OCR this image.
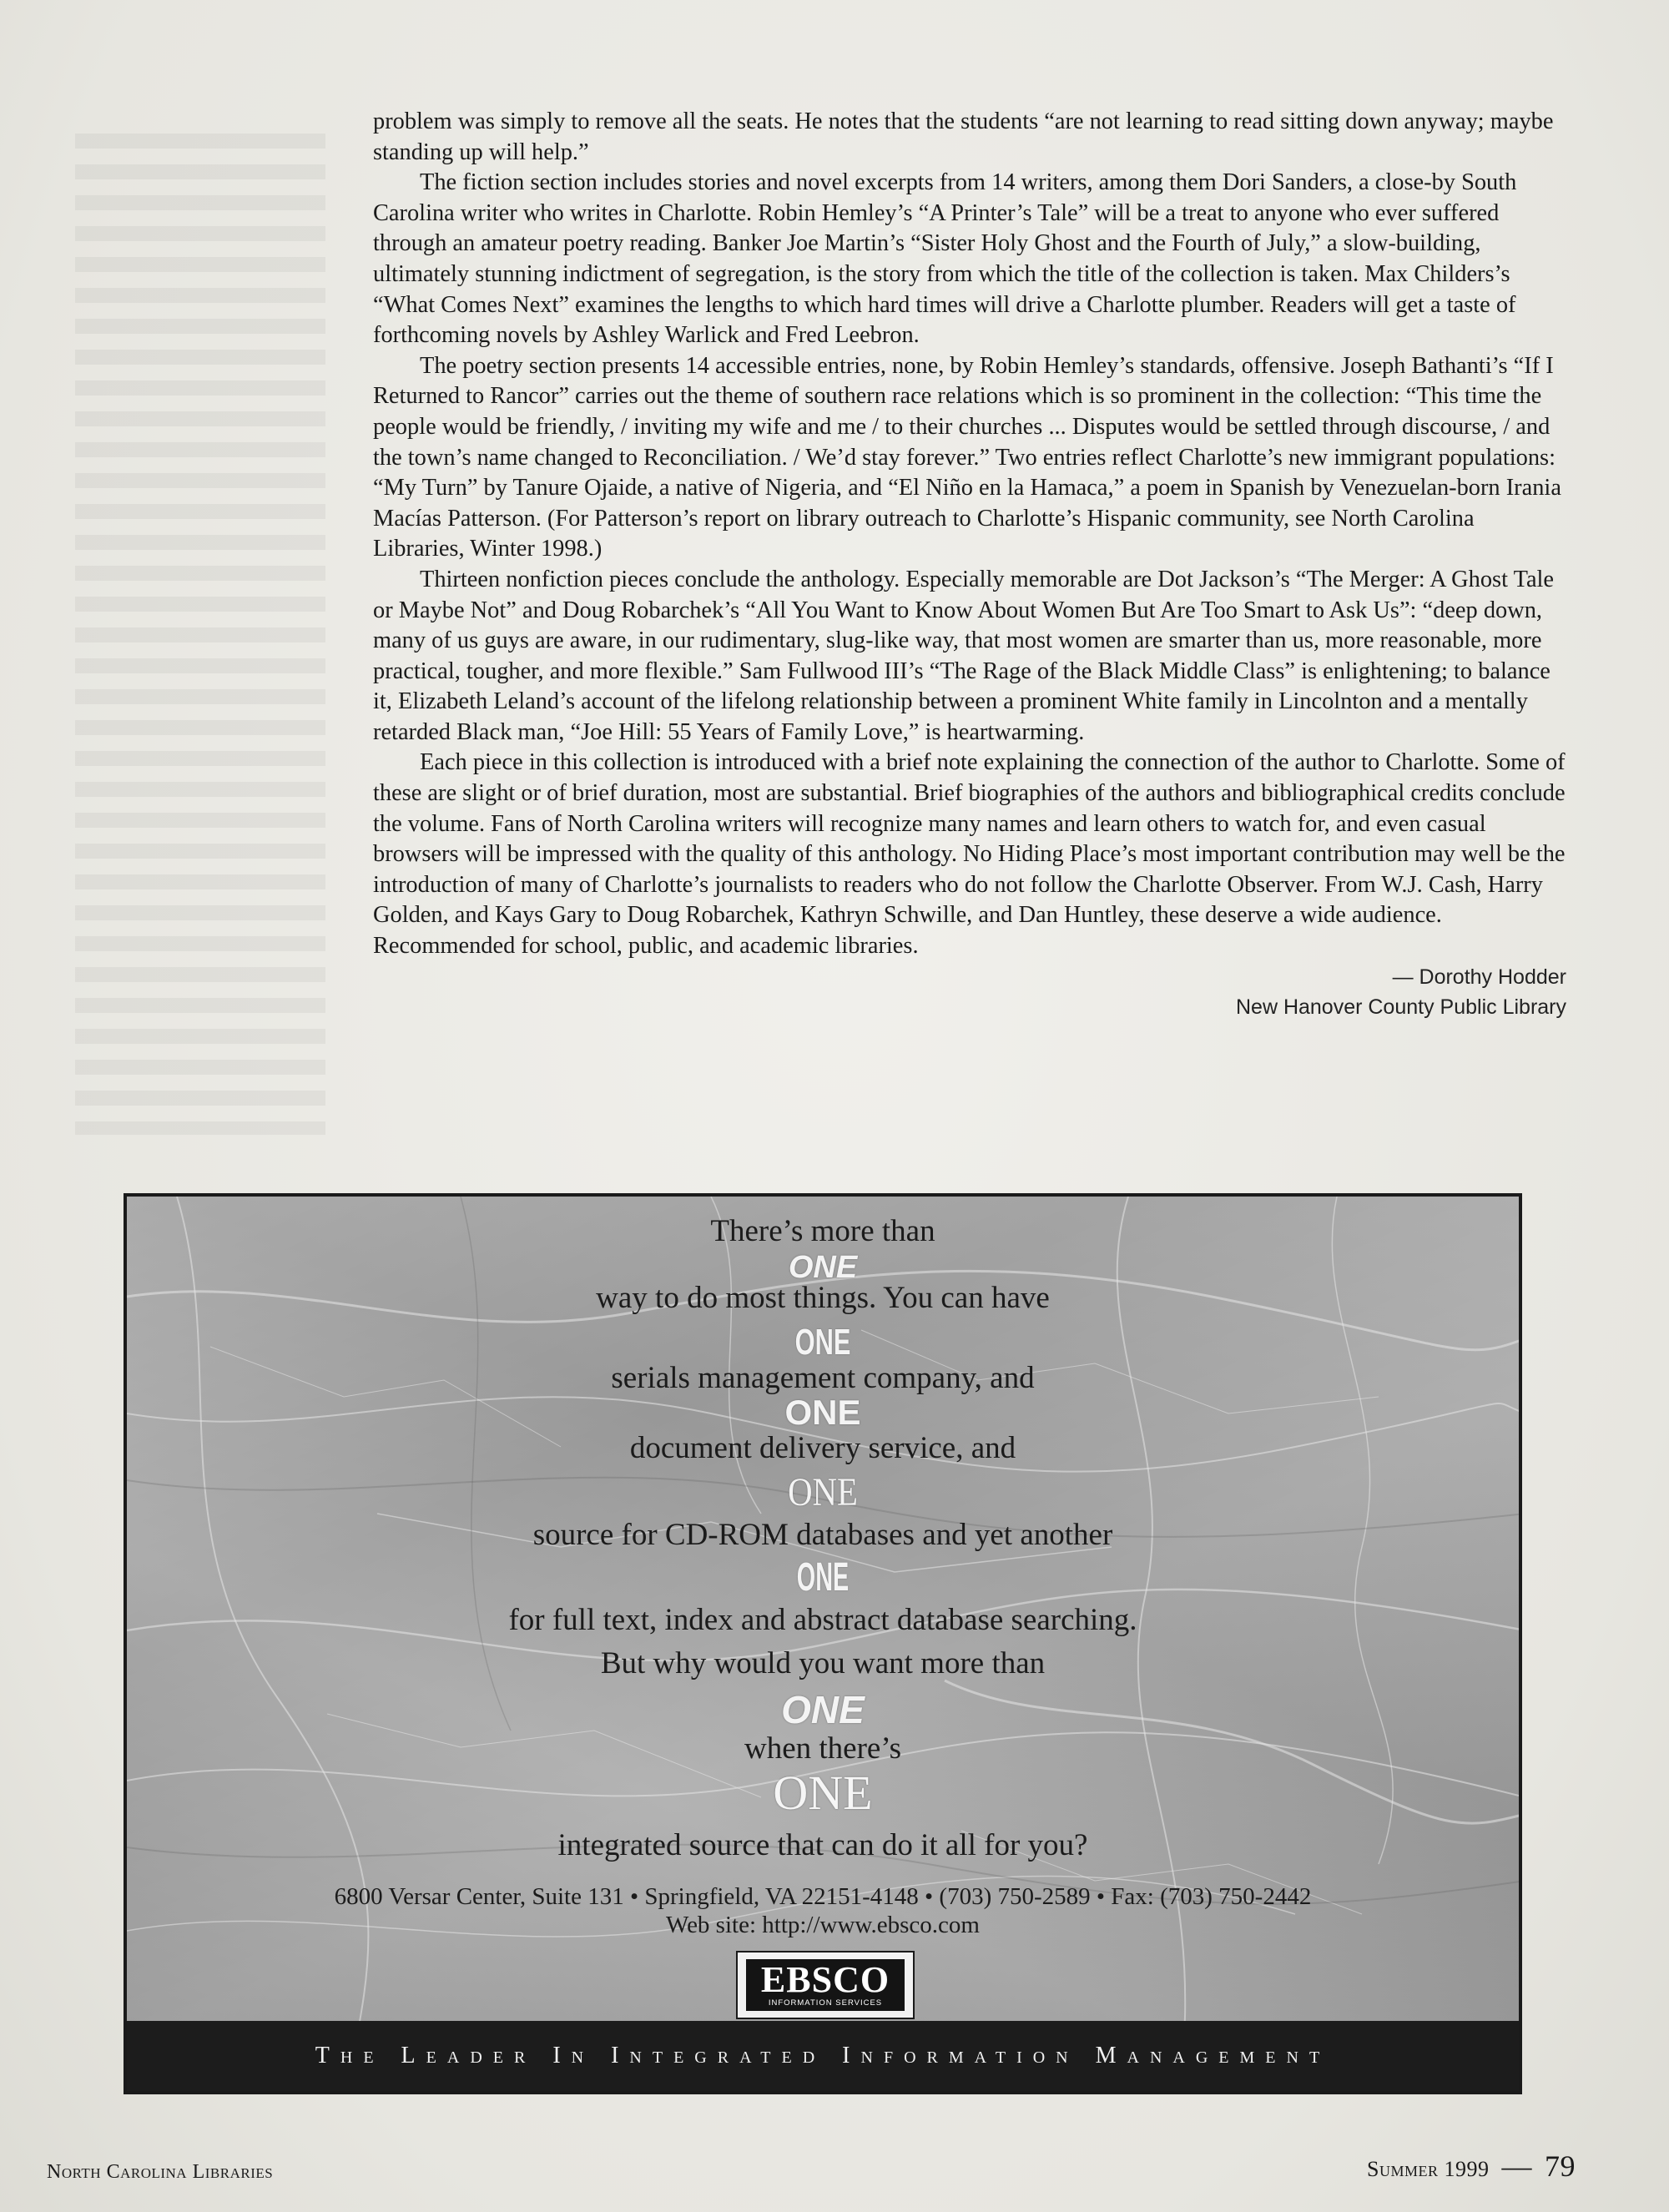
problem was simply to remove all the seats. He notes that the students “are not learning to read sitting down anyway; maybe standing up will help.”

The fiction section includes stories and novel excerpts from 14 writers, among them Dori Sanders, a close-by South Carolina writer who writes in Charlotte. Robin Hemley’s “A Printer’s Tale” will be a treat to anyone who ever suffered through an amateur poetry reading. Banker Joe Martin’s “Sister Holy Ghost and the Fourth of July,” a slow-building, ultimately stunning indictment of segregation, is the story from which the title of the collection is taken. Max Childers’s “What Comes Next” examines the lengths to which hard times will drive a Charlotte plumber. Readers will get a taste of forthcoming novels by Ashley Warlick and Fred Leebron.

The poetry section presents 14 accessible entries, none, by Robin Hemley’s standards, offensive. Joseph Bathanti’s “If I Returned to Rancor” carries out the theme of southern race relations which is so prominent in the collection: “This time the people would be friendly, / inviting my wife and me / to their churches ... Disputes would be settled through discourse, / and the town’s name changed to Reconciliation. / We’d stay forever.” Two entries reflect Charlotte’s new immigrant populations: “My Turn” by Tanure Ojaide, a native of Nigeria, and “El Niño en la Hamaca,” a poem in Spanish by Venezuelan-born Irania Macías Patterson. (For Patterson’s report on library outreach to Charlotte’s Hispanic community, see North Carolina Libraries, Winter 1998.)

Thirteen nonfiction pieces conclude the anthology. Especially memorable are Dot Jackson’s “The Merger: A Ghost Tale or Maybe Not” and Doug Robarchek’s “All You Want to Know About Women But Are Too Smart to Ask Us”: “deep down, many of us guys are aware, in our rudimentary, slug-like way, that most women are smarter than us, more reasonable, more practical, tougher, and more flexible.” Sam Fullwood III’s “The Rage of the Black Middle Class” is enlightening; to balance it, Elizabeth Leland’s account of the lifelong relationship between a prominent White family in Lincolnton and a mentally retarded Black man, “Joe Hill: 55 Years of Family Love,” is heartwarming.

Each piece in this collection is introduced with a brief note explaining the connection of the author to Charlotte. Some of these are slight or of brief duration, most are substantial. Brief biographies of the authors and bibliographical credits conclude the volume. Fans of North Carolina writers will recognize many names and learn others to watch for, and even casual browsers will be impressed with the quality of this anthology. No Hiding Place’s most important contribution may well be the introduction of many of Charlotte’s journalists to readers who do not follow the Charlotte Observer. From W.J. Cash, Harry Golden, and Kays Gary to Doug Robarchek, Kathryn Schwille, and Dan Huntley, these deserve a wide audience. Recommended for school, public, and academic libraries.

— Dorothy Hodder
New Hanover County Public Library
There’s more than
ONE
way to do most things. You can have
ONE
serials management company, and
ONE
document delivery service, and
ONE
source for CD-ROM databases and yet another
ONE
for full text, index and abstract database searching.
But why would you want more than
ONE
when there’s
ONE
integrated source that can do it all for you?
6800 Versar Center, Suite 131 • Springfield, VA 22151-4148 • (703) 750-2589 • Fax: (703) 750-2442
Web site: http://www.ebsco.com
EBSCO
INFORMATION SERVICES
The Leader In Integrated Information Management
North Carolina Libraries	Summer 1999 — 79
